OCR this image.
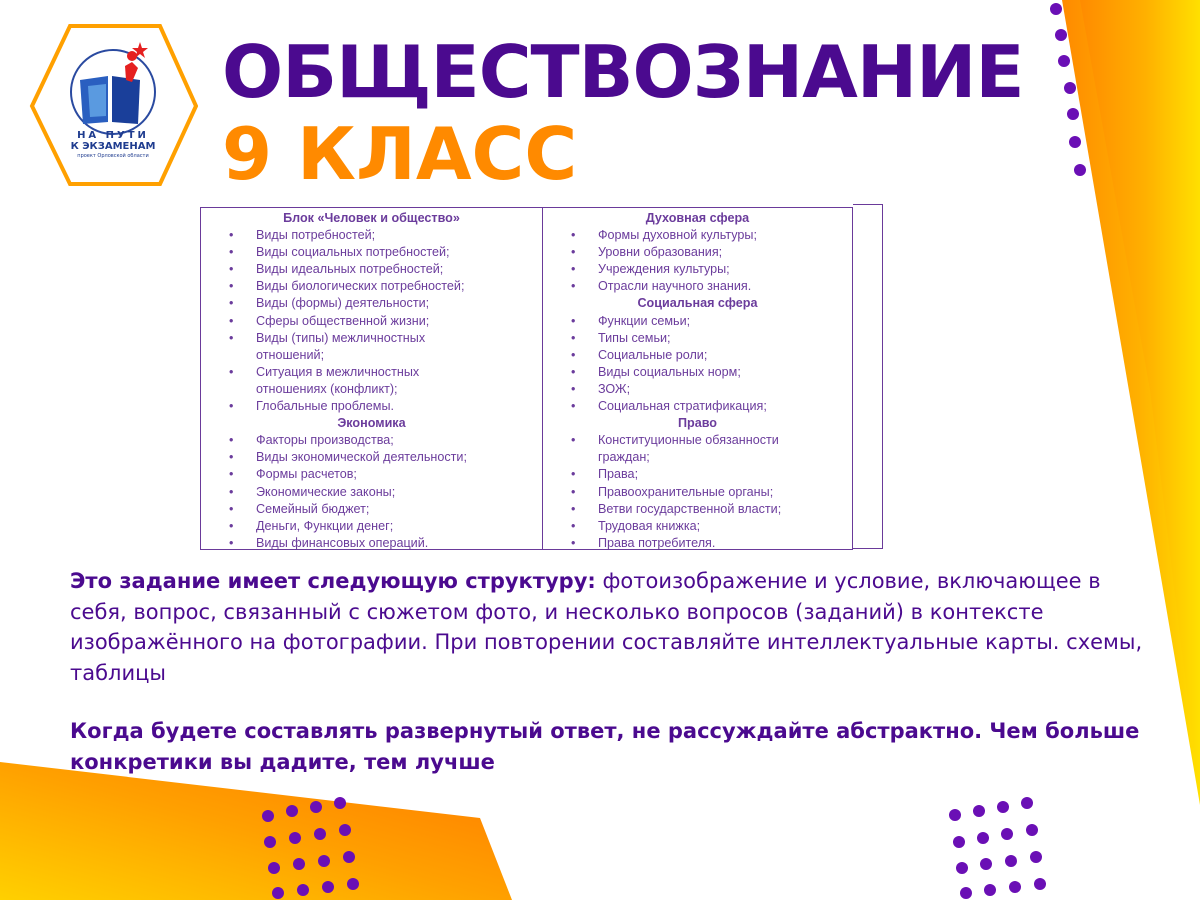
НА ПУТИ
К ЭКЗАМЕНАМ
проект Орловской области
ОБЩЕСТВОЗНАНИЕ
9 КЛАСС
Блок «Человек и общество»
• Виды потребностей;
• Виды социальных потребностей;
• Виды идеальных потребностей;
• Виды биологических потребностей;
• Виды (формы) деятельности;
• Сферы общественной жизни;
• Виды (типы) межличностных отношений;
• Ситуация в межличностных отношениях (конфликт);
• Глобальные проблемы.
Экономика
• Факторы производства;
• Виды экономической деятельности;
• Формы расчетов;
• Экономические законы;
• Семейный бюджет;
• Деньги, Функции денег;
• Виды финансовых операций.
Духовная сфера
• Формы духовной культуры;
• Уровни образования;
• Учреждения культуры;
• Отрасли научного знания.
Социальная сфера
• Функции семьи;
• Типы семьи;
• Социальные роли;
• Виды социальных норм;
• ЗОЖ;
• Социальная стратификация;
Право
• Конституционные обязанности граждан;
• Права;
• Правоохранительные органы;
• Ветви государственной власти;
• Трудовая книжка;
• Права потребителя.
Это задание имеет следующую структуру: фотоизображение и условие, включающее в себя, вопрос, связанный с сюжетом фото, и несколько вопросов (заданий) в контексте изображённого на фотографии. При повторении составляйте интеллектуальные карты. схемы, таблицы
Когда будете составлять развернутый ответ, не рассуждайте абстрактно. Чем больше конкретики вы дадите, тем лучше
